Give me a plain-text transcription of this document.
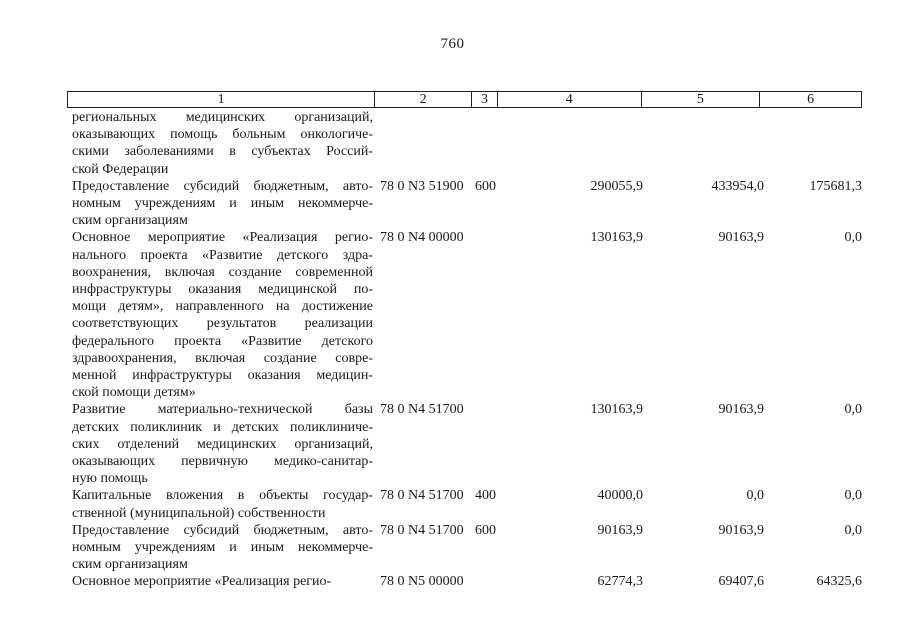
760
1	2	3	4	5	6
региональных медицинских организаций,
оказывающих помощь больным онкологиче-
скими заболеваниями в субъектах Россий-
ской Федерации
Предоставление субсидий бюджетным, авто-
номным учреждениям и иным некоммерче-
ским организациям
78 0 N3 51900 600	290055,9	433954,0	175681,3
Основное мероприятие «Реализация регио-
нального проекта «Развитие детского здра-
воохранения, включая создание современной
инфраструктуры оказания медицинской по-
мощи детям», направленного на достижение
соответствующих результатов реализации
федерального проекта «Развитие детского
здравоохранения, включая создание совре-
менной инфраструктуры оказания медицин-
ской помощи детям»
78 0 N4 00000	130163,9	90163,9	0,0
Развитие материально-технической базы
детских поликлиник и детских поликлиниче-
ских отделений медицинских организаций,
оказывающих первичную медико-санитар-
ную помощь
78 0 N4 51700	130163,9	90163,9	0,0
Капитальные вложения в объекты государ-
ственной (муниципальной) собственности
78 0 N4 51700 400	40000,0	0,0	0,0
Предоставление субсидий бюджетным, авто-
номным учреждениям и иным некоммерче-
ским организациям
78 0 N4 51700 600	90163,9	90163,9	0,0
Основное мероприятие «Реализация регио-	78 0 N5 00000	62774,3	69407,6	64325,6
